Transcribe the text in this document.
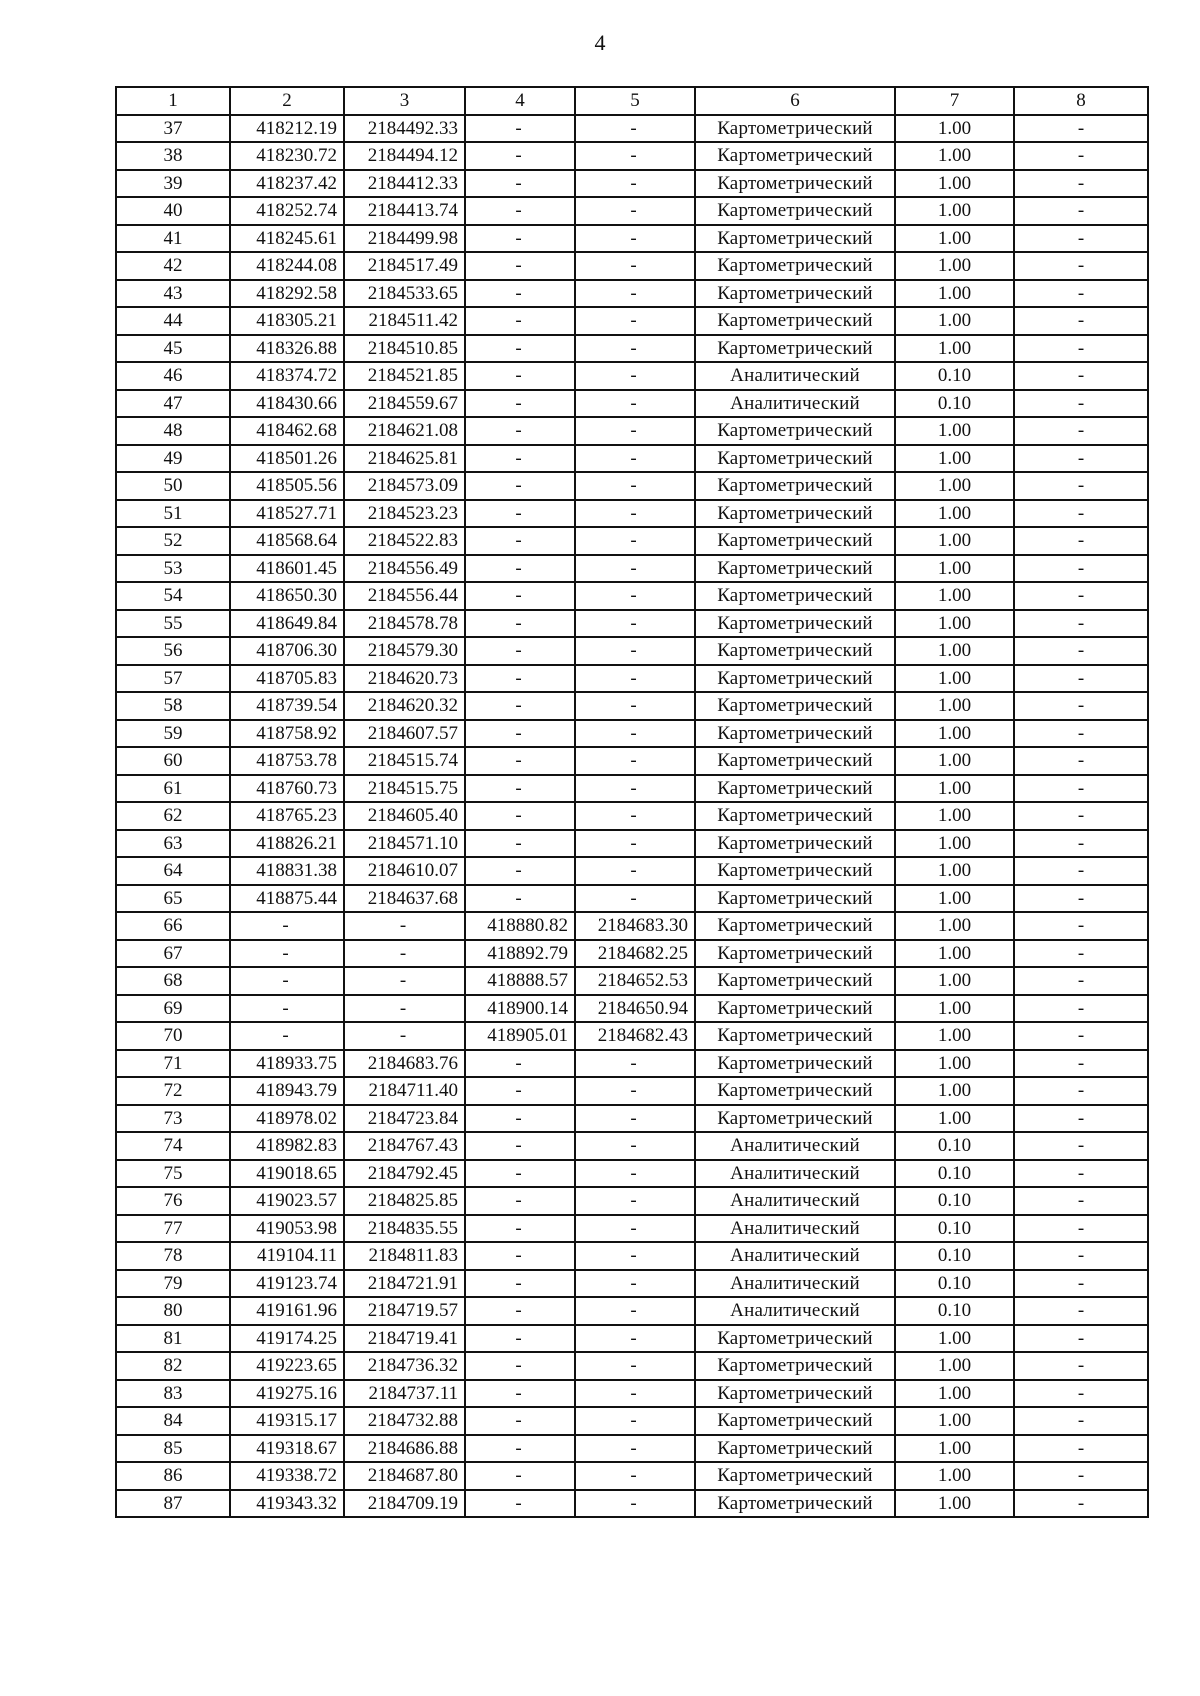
4
1	2	3	4	5	6	7	8
37	418212.19	2184492.33	-	-	Картометрический	1.00	-
38	418230.72	2184494.12	-	-	Картометрический	1.00	-
39	418237.42	2184412.33	-	-	Картометрический	1.00	-
40	418252.74	2184413.74	-	-	Картометрический	1.00	-
41	418245.61	2184499.98	-	-	Картометрический	1.00	-
42	418244.08	2184517.49	-	-	Картометрический	1.00	-
43	418292.58	2184533.65	-	-	Картометрический	1.00	-
44	418305.21	2184511.42	-	-	Картометрический	1.00	-
45	418326.88	2184510.85	-	-	Картометрический	1.00	-
46	418374.72	2184521.85	-	-	Аналитический	0.10	-
47	418430.66	2184559.67	-	-	Аналитический	0.10	-
48	418462.68	2184621.08	-	-	Картометрический	1.00	-
49	418501.26	2184625.81	-	-	Картометрический	1.00	-
50	418505.56	2184573.09	-	-	Картометрический	1.00	-
51	418527.71	2184523.23	-	-	Картометрический	1.00	-
52	418568.64	2184522.83	-	-	Картометрический	1.00	-
53	418601.45	2184556.49	-	-	Картометрический	1.00	-
54	418650.30	2184556.44	-	-	Картометрический	1.00	-
55	418649.84	2184578.78	-	-	Картометрический	1.00	-
56	418706.30	2184579.30	-	-	Картометрический	1.00	-
57	418705.83	2184620.73	-	-	Картометрический	1.00	-
58	418739.54	2184620.32	-	-	Картометрический	1.00	-
59	418758.92	2184607.57	-	-	Картометрический	1.00	-
60	418753.78	2184515.74	-	-	Картометрический	1.00	-
61	418760.73	2184515.75	-	-	Картометрический	1.00	-
62	418765.23	2184605.40	-	-	Картометрический	1.00	-
63	418826.21	2184571.10	-	-	Картометрический	1.00	-
64	418831.38	2184610.07	-	-	Картометрический	1.00	-
65	418875.44	2184637.68	-	-	Картометрический	1.00	-
66	-	-	418880.82	2184683.30	Картометрический	1.00	-
67	-	-	418892.79	2184682.25	Картометрический	1.00	-
68	-	-	418888.57	2184652.53	Картометрический	1.00	-
69	-	-	418900.14	2184650.94	Картометрический	1.00	-
70	-	-	418905.01	2184682.43	Картометрический	1.00	-
71	418933.75	2184683.76	-	-	Картометрический	1.00	-
72	418943.79	2184711.40	-	-	Картометрический	1.00	-
73	418978.02	2184723.84	-	-	Картометрический	1.00	-
74	418982.83	2184767.43	-	-	Аналитический	0.10	-
75	419018.65	2184792.45	-	-	Аналитический	0.10	-
76	419023.57	2184825.85	-	-	Аналитический	0.10	-
77	419053.98	2184835.55	-	-	Аналитический	0.10	-
78	419104.11	2184811.83	-	-	Аналитический	0.10	-
79	419123.74	2184721.91	-	-	Аналитический	0.10	-
80	419161.96	2184719.57	-	-	Аналитический	0.10	-
81	419174.25	2184719.41	-	-	Картометрический	1.00	-
82	419223.65	2184736.32	-	-	Картометрический	1.00	-
83	419275.16	2184737.11	-	-	Картометрический	1.00	-
84	419315.17	2184732.88	-	-	Картометрический	1.00	-
85	419318.67	2184686.88	-	-	Картометрический	1.00	-
86	419338.72	2184687.80	-	-	Картометрический	1.00	-
87	419343.32	2184709.19	-	-	Картометрический	1.00	-
